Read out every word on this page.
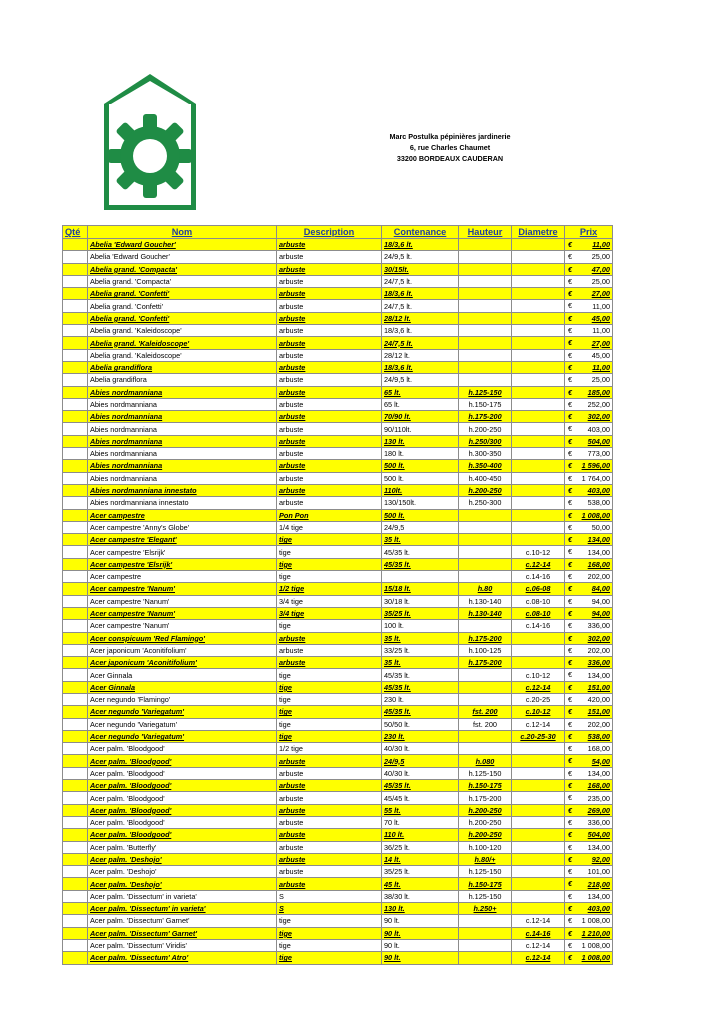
Marc Postulka pépinières jardinerie
6, rue Charles Chaumet
33200 BORDEAUX CAUDERAN
Qté	Nom	Description	Contenance	Hauteur	Diametre	Prix
	Abelia 'Edward Goucher'	arbuste	18/3,6 lt.			€ 11,00
	Abelia 'Edward Goucher'	arbuste	24/9,5 lt.			€ 25,00
	Abelia grand. 'Compacta'	arbuste	30/15lt.			€ 47,00
	Abelia grand. 'Compacta'	arbuste	24/7,5 lt.			€ 25,00
	Abelia grand. 'Confetti'	arbuste	18/3,6 lt.			€ 27,00
	Abelia grand. 'Confetti'	arbuste	24/7,5 lt.			€ 11,00
	Abelia grand. 'Confetti'	arbuste	28/12 lt.			€ 45,00
	Abelia grand. 'Kaleidoscope'	arbuste	18/3,6 lt.			€ 11,00
	Abelia grand. 'Kaleidoscope'	arbuste	24/7,5 lt.			€ 27,00
	Abelia grand. 'Kaleidoscope'	arbuste	28/12 lt.			€ 45,00
	Abelia grandiflora	arbuste	18/3,6 lt.			€ 11,00
	Abelia grandiflora	arbuste	24/9,5 lt.			€ 25,00
	Abies nordmanniana	arbuste	65 lt.	h.125-150		€ 185,00
	Abies nordmanniana	arbuste	65 lt.	h.150-175		€ 252,00
	Abies nordmanniana	arbuste	70/90 lt.	h.175-200		€ 302,00
	Abies nordmanniana	arbuste	90/110lt.	h.200-250		€ 403,00
	Abies nordmanniana	arbuste	130 lt.	h.250/300		€ 504,00
	Abies nordmanniana	arbuste	180 lt.	h.300-350		€ 773,00
	Abies nordmanniana	arbuste	500 lt.	h.350-400		€ 1 596,00
	Abies nordmanniana	arbuste	500 lt.	h.400-450		€ 1 764,00
	Abies nordmanniana innestato	arbuste	110lt.	h.200-250		€ 403,00
	Abies nordmanniana innestato	arbuste	130/150lt.	h.250-300		€ 538,00
	Acer campestre	Pon Pon	500 lt.			€ 1 008,00
	Acer campestre 'Anny's Globe'	1/4 tige	24/9,5			€ 50,00
	Acer campestre 'Elegant'	tige	35 lt.			€ 134,00
	Acer campestre 'Elsrijk'	tige	45/35 lt.		c.10-12	€ 134,00
	Acer campestre 'Elsrijk'	tige	45/35 lt.		c.12-14	€ 168,00
	Acer campestre	tige			c.14-16	€ 202,00
	Acer campestre 'Nanum'	1/2 tige	15/18 lt.	h.80	c.06-08	€ 84,00
	Acer campestre 'Nanum'	3/4 tige	30/18 lt.	h.130-140	c.08-10	€ 94,00
	Acer campestre 'Nanum'	3/4 tige	35/25 lt.	h.130-140	c.08-10	€ 94,00
	Acer campestre 'Nanum'	tige	100 lt.		c.14-16	€ 336,00
	Acer conspicuum 'Red Flamingo'	arbuste	35 lt.	h.175-200		€ 302,00
	Acer japonicum 'Aconitifolium'	arbuste	33/25 lt.	h.100-125		€ 202,00
	Acer japonicum 'Aconitifolium'	arbuste	35 lt.	h.175-200		€ 336,00
	Acer Ginnala	tige	45/35 lt.		c.10-12	€ 134,00
	Acer Ginnala	tige	45/35 lt.		c.12-14	€ 151,00
	Acer negundo 'Flamingo'	tige	230 lt.		c.20-25	€ 420,00
	Acer negundo 'Variegatum'	tige	45/35 lt.	fst. 200	c.10-12	€ 151,00
	Acer negundo 'Variegatum'	tige	50/50 lt.	fst. 200	c.12-14	€ 202,00
	Acer negundo 'Variegatum'	tige	230 lt.		c.20-25-30	€ 538,00
	Acer palm. 'Bloodgood'	1/2 tige	40/30 lt.			€ 168,00
	Acer palm. 'Bloodgood'	arbuste	24/9,5	h.080		€ 54,00
	Acer palm. 'Bloodgood'	arbuste	40/30 lt.	h.125-150		€ 134,00
	Acer palm. 'Bloodgood'	arbuste	45/35 lt.	h.150-175		€ 168,00
	Acer palm. 'Bloodgood'	arbuste	45/45 lt.	h.175-200		€ 235,00
	Acer palm. 'Bloodgood'	arbuste	55 lt.	h.200-250		€ 269,00
	Acer palm. 'Bloodgood'	arbuste	70 lt.	h.200-250		€ 336,00
	Acer palm. 'Bloodgood'	arbuste	110 lt.	h.200-250		€ 504,00
	Acer palm. 'Butterfly'	arbuste	36/25 lt.	h.100-120		€ 134,00
	Acer palm. 'Deshojo'	arbuste	14 lt.	h.80/+		€ 92,00
	Acer palm. 'Deshojo'	arbuste	35/25 lt.	h.125-150		€ 101,00
	Acer palm. 'Deshojo'	arbuste	45 lt.	h.150-175		€ 218,00
	Acer palm. 'Dissectum' in varieta'	S	38/30 lt.	h.125-150		€ 134,00
	Acer palm. 'Dissectum' in varieta'	S	130 lt.	h.250+		€ 403,00
	Acer palm. 'Dissectum' Garnet'	tige	90 lt.		c.12-14	€ 1 008,00
	Acer palm. 'Dissectum' Garnet'	tige	90 lt.		c.14-16	€ 1 210,00
	Acer palm. 'Dissectum' Viridis'	tige	90 lt.		c.12-14	€ 1 008,00
	Acer palm. 'Dissectum' Atro'	tige	90 lt.		c.12-14	€ 1 008,00
